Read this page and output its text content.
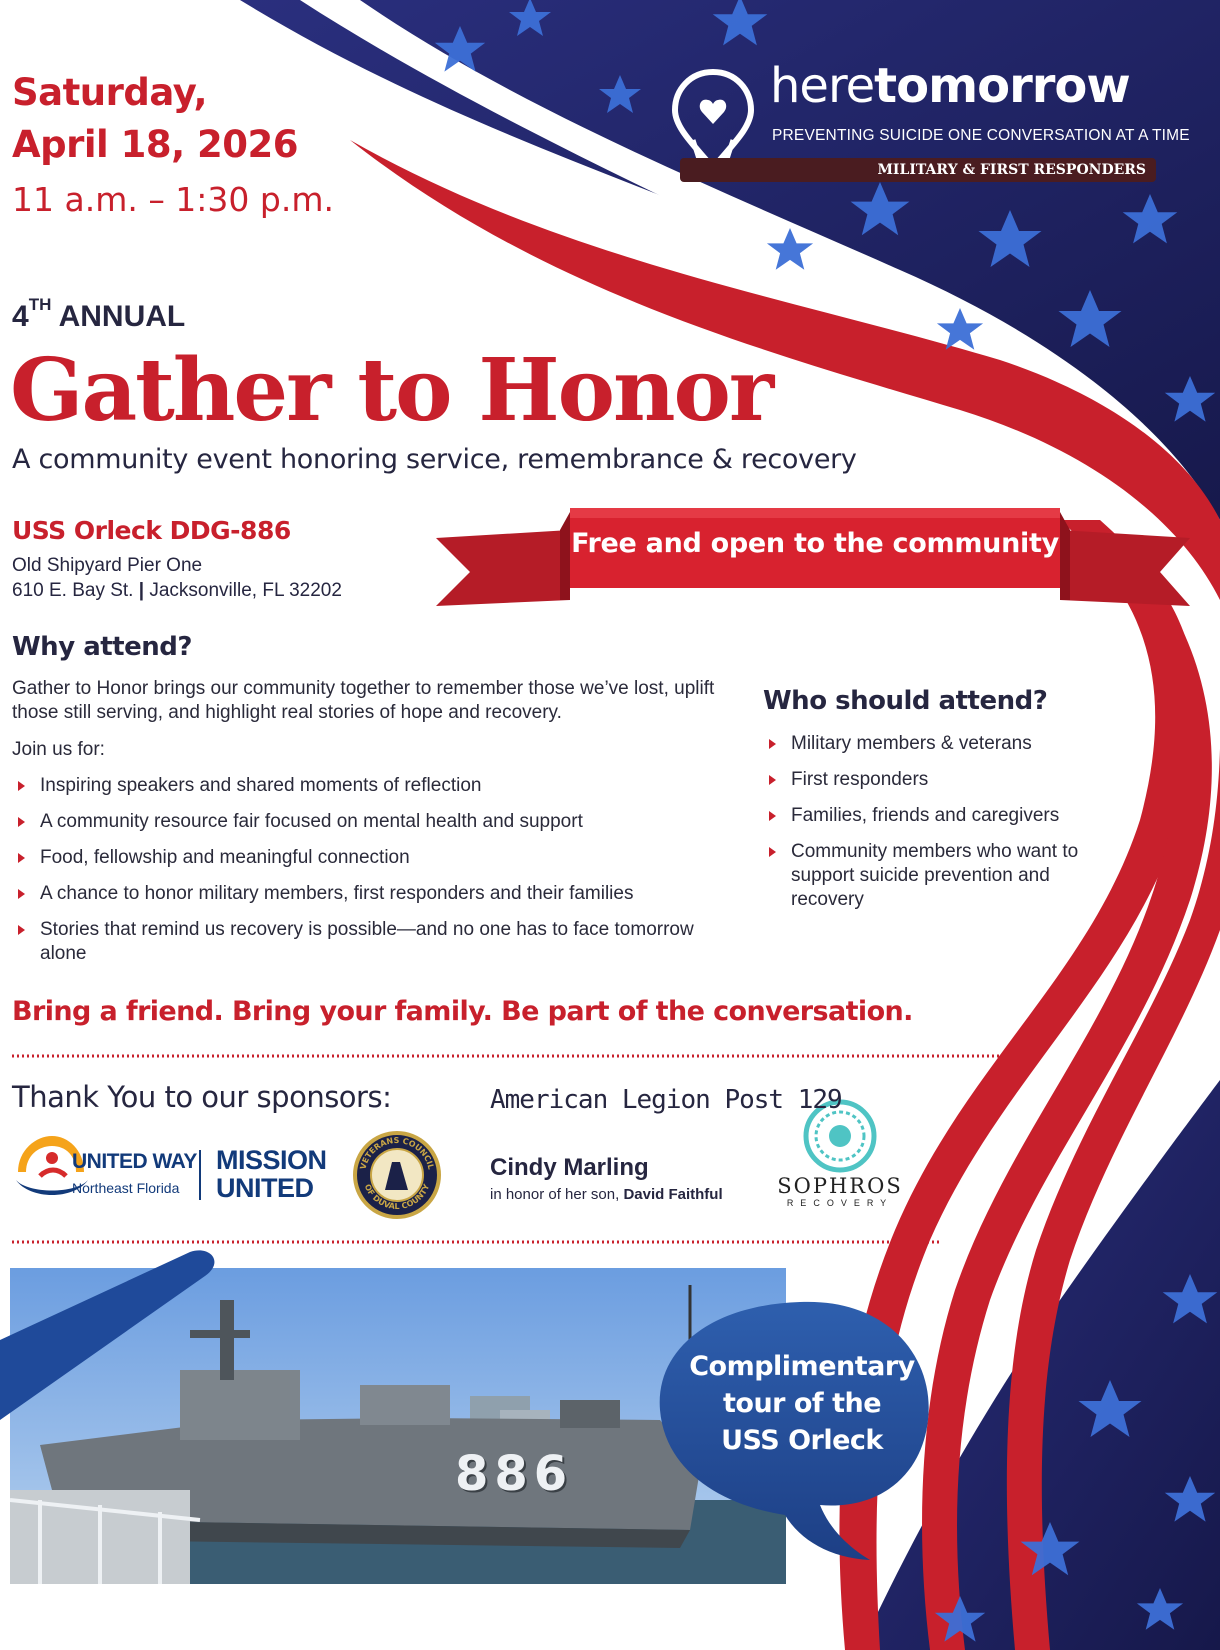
Saturday,
April 18, 2026
11 a.m. – 1:30 p.m.
heretomorrow
PREVENTING SUICIDE ONE CONVERSATION AT A TIME
MILITARY & FIRST RESPONDERS
4TH ANNUAL
Gather to Honor
A community event honoring service, remembrance & recovery
USS Orleck DDG-886
Old Shipyard Pier One
610 E. Bay St. | Jacksonville, FL 32202
Free and open to the community
Why attend?
Gather to Honor brings our community together to remember those we’ve lost, uplift those still serving, and highlight real stories of hope and recovery.
Join us for:
Inspiring speakers and shared moments of reflection
A community resource fair focused on mental health and support
Food, fellowship and meaningful connection
A chance to honor military members, first responders and their families
Stories that remind us recovery is possible—and no one has to face tomorrow alone
Who should attend?
Military members & veterans
First responders
Families, friends and caregivers
Community members who want to support suicide prevention and recovery
Bring a friend. Bring your family. Be part of the conversation.
Thank You to our sponsors:	American Legion Post 129
UNITED WAY
Northeast Florida
MISSION
UNITED
VETERANS COUNCIL
OF DUVAL COUNTY
Cindy Marling
in honor of her son, David Faithful	SOPHROS
RECOVERY
886
Complimentary
tour of the
USS Orleck
